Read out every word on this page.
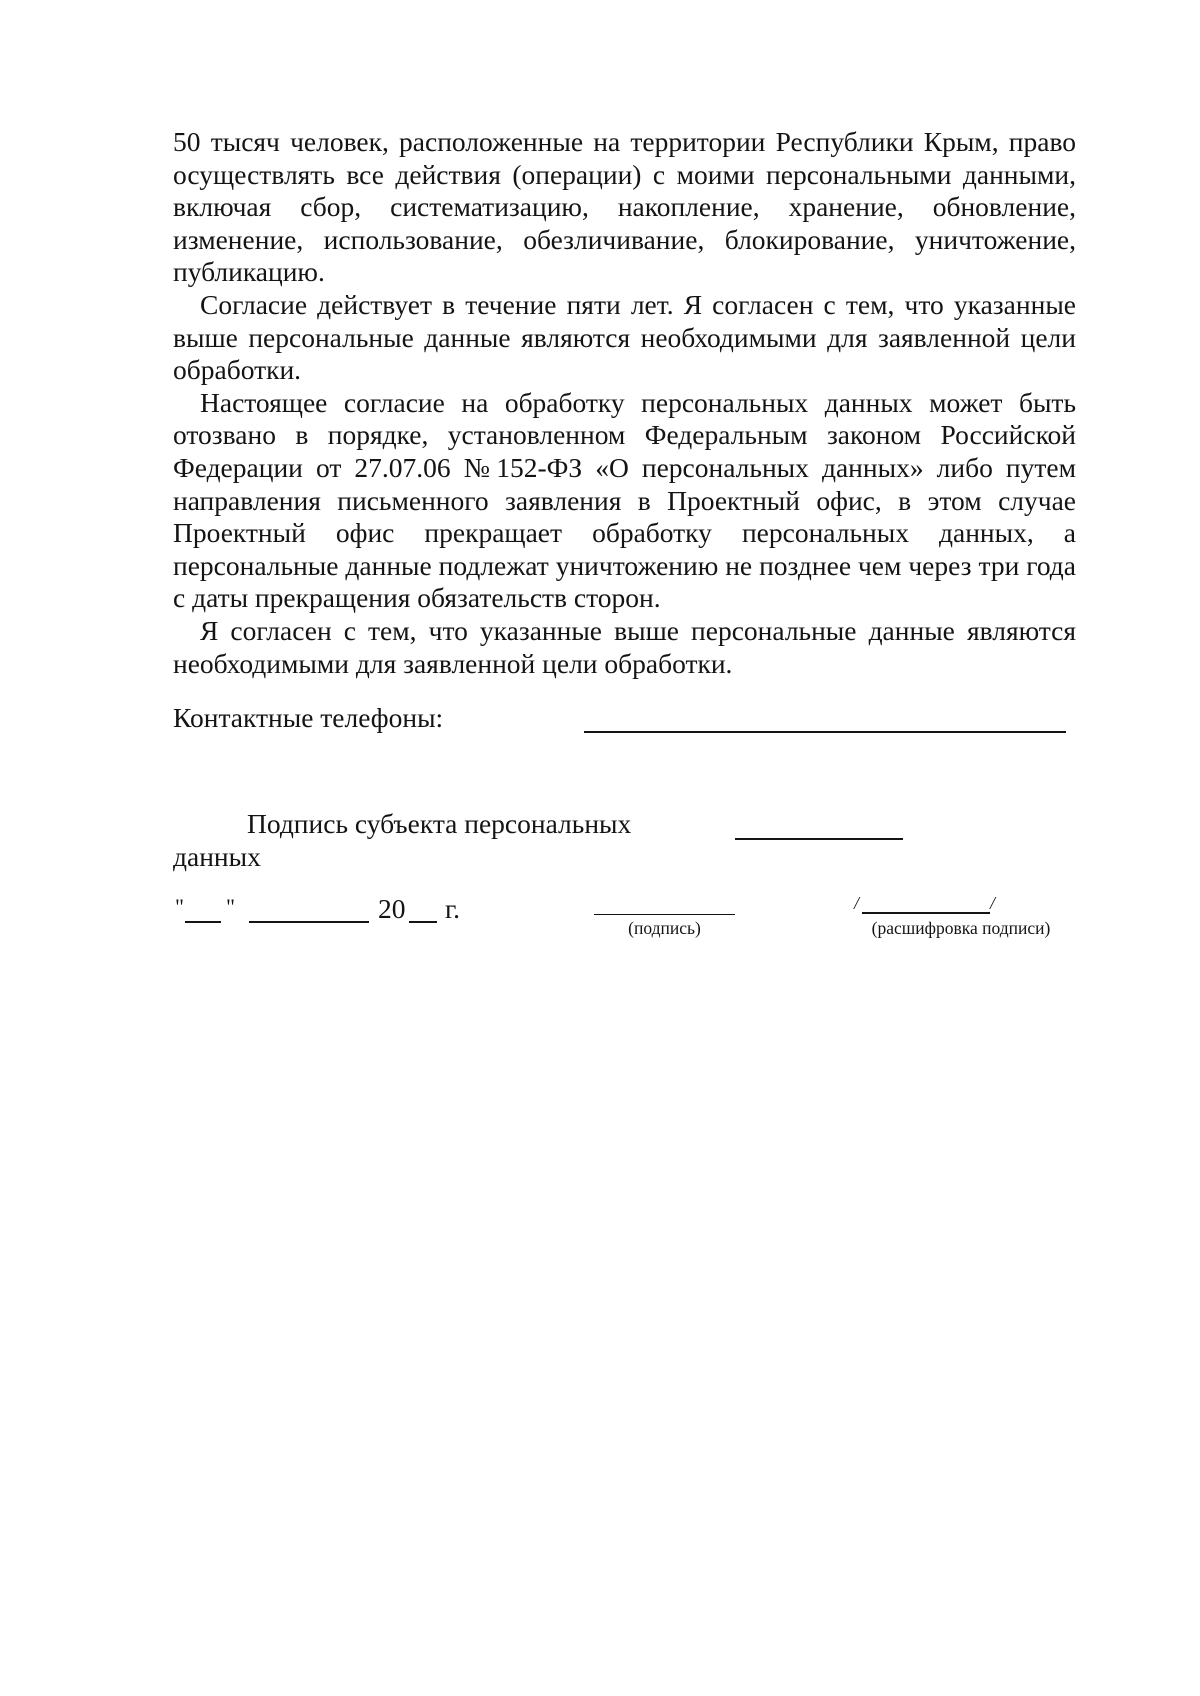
50 тысяч человек, расположенные на территории Республики Крым, право осуществлять все действия (операции) с моими персональными данными, включая сбор, систематизацию, накопление, хранение, обновление, изменение, использование, обезличивание, блокирование, уничтожение, публикацию.

Согласие действует в течение пяти лет. Я согласен с тем, что указанные выше персональные данные являются необходимыми для заявленной цели обработки.

Настоящее согласие на обработку персональных данных может быть отозвано в порядке, установленном Федеральным законом Российской Федерации от 27.07.06 №152-ФЗ «О персональных данных» либо путем направления письменного заявления в Проектный офис, в этом случае Проектный офис прекращает обработку персональных данных, а персональные данные подлежат уничтожению не позднее чем через три года с даты прекращения обязательств сторон.

Я согласен с тем, что указанные выше персональные данные являются необходимыми для заявленной цели обработки.

Контактные телефоны:
Подпись субъекта персональных данных
" "	20 г.
(подпись)
/	/
(расшифровка подписи)
